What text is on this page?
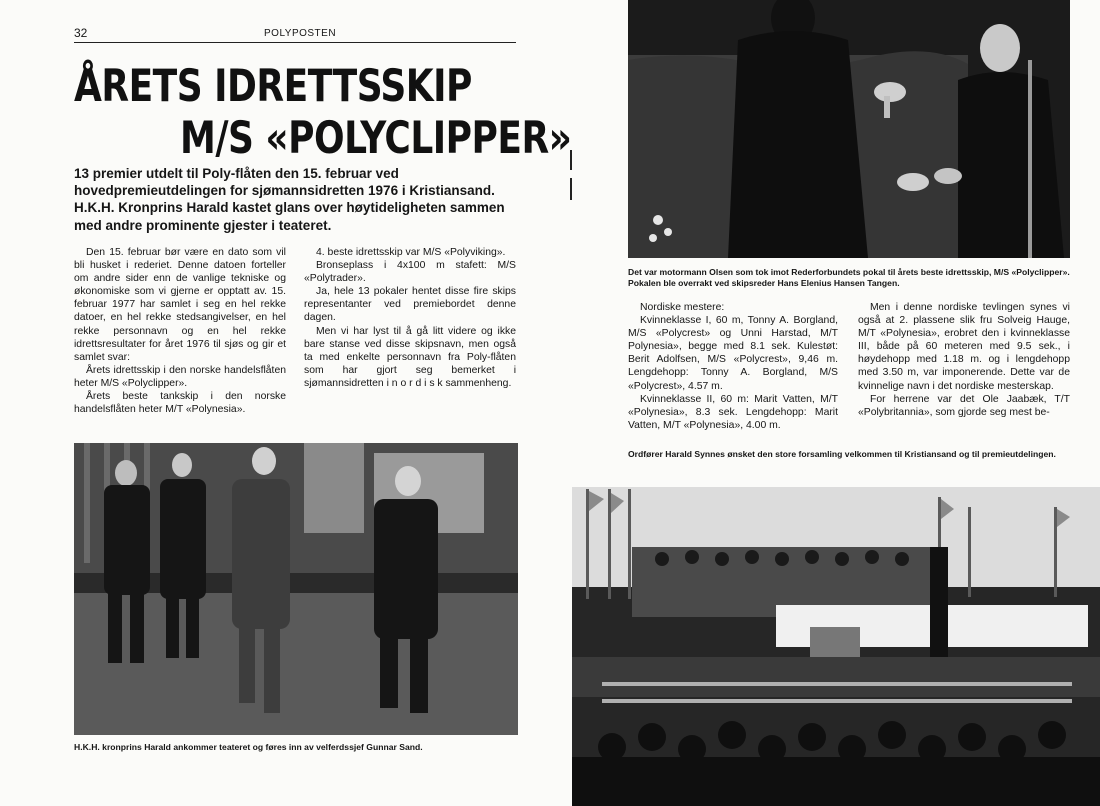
32	POLYPOSTEN
ÅRETS IDRETTSSKIP
M/S «POLYCLIPPER»
13 premier utdelt til Poly-flåten den 15. februar ved hovedpremieutdelingen for sjømannsidretten 1976 i Kristiansand. H.K.H. Kronprins Harald kastet glans over høytideligheten sammen med andre prominente gjester i teateret.

Den 15. februar bør være en dato som vil bli husket i rederiet. Denne datoen forteller om andre sider enn de vanlige tekniske og økonomiske som vi gjerne er opptatt av. 15. februar 1977 har samlet i seg en hel rekke datoer, en hel rekke stedsangivelser, en hel rekke personnavn og en hel rekke idrettsresultater for året 1976 til sjøs og gir et samlet svar:

Årets idrettsskip i den norske handelsflåten heter M/S «Polyclipper».

Årets beste tankskip i den norske handelsflåten heter M/T «Polynesia».

4. beste idrettsskip var M/S «Polyviking».

Bronseplass i 4x100 m stafett: M/S «Polytrader».

Ja, hele 13 pokaler hentet disse fire skips representanter ved premiebordet denne dagen.

Men vi har lyst til å gå litt videre og ikke bare stanse ved disse skipsnavn, men også ta med enkelte personnavn fra Poly-flåten som har gjort seg bemerket i sjømannsidretten i n o r d i s k sammenheng.

H.K.H. kronprins Harald ankommer teateret og føres inn av velferdssjef Gunnar Sand.
Det var motormann Olsen som tok imot Rederforbundets pokal til årets beste idrettsskip, M/S «Polyclipper». Pokalen ble overrakt ved skipsreder Hans Elenius Hansen Tangen.

Nordiske mestere:

Kvinneklasse I, 60 m, Tonny A. Borgland, M/S «Polycrest» og Unni Harstad, M/T Polynesia», begge med 8.1 sek. Kulestøt: Berit Adolfsen, M/S «Polycrest», 9,46 m. Lengdehopp: Tonny A. Borgland, M/S «Polycrest», 4.57 m.

Kvinneklasse II, 60 m: Marit Vatten, M/T «Polynesia», 8.3 sek. Lengdehopp: Marit Vatten, M/T «Polynesia», 4.00 m.

Men i denne nordiske tevlingen synes vi også at 2. plassene slik fru Solveig Hauge, M/T «Polynesia», erobret den i kvinneklasse III, både på 60 meteren med 9.5 sek., i høydehopp med 1.18 m. og i lengdehopp med 3.50 m, var imponerende. Dette var de kvinnelige navn i det nordiske mesterskap.

For herrene var det Ole Jaabæk, T/T «Polybritannia», som gjorde seg mest be-

Ordfører Harald Synnes ønsket den store forsamling velkommen til Kristiansand og til premieutdelingen.
